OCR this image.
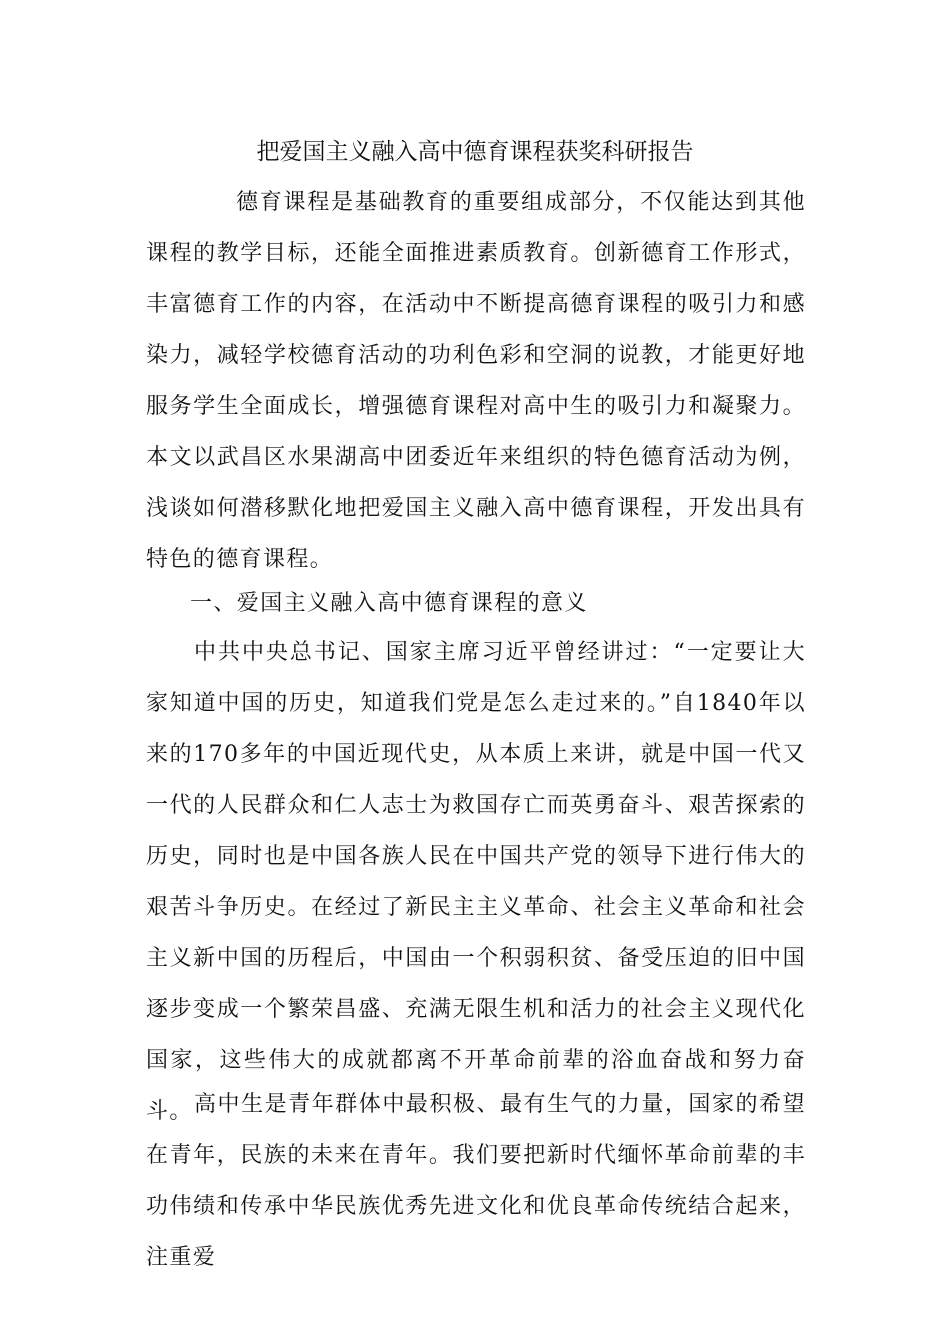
把爱国主义融入高中德育课程获奖科研报告

德育课程是基础教育的重要组成部分，不仅能达到其他课程的教学目标，还能全面推进素质教育。创新德育工作形式，丰富德育工作的内容，在活动中不断提高德育课程的吸引力和感染力，减轻学校德育活动的功利色彩和空洞的说教，才能更好地服务学生全面成长，增强德育课程对高中生的吸引力和凝聚力。本文以武昌区水果湖高中团委近年来组织的特色德育活动为例，浅谈如何潜移默化地把爱国主义融入高中德育课程，开发出具有特色的德育课程。

一、爱国主义融入高中德育课程的意义

中共中央总书记、国家主席习近平曾经讲过：“一定要让大家知道中国的历史，知道我们党是怎么走过来的。”自1840年以来的170多年的中国近现代史，从本质上来讲，就是中国一代又一代的人民群众和仁人志士为救国存亡而英勇奋斗、艰苦探索的历史，同时也是中国各族人民在中国共产党的领导下进行伟大的艰苦斗争历史。在经过了新民主主义革命、社会主义革命和社会主义新中国的历程后，中国由一个积弱积贫、备受压迫的旧中国逐步变成一个繁荣昌盛、充满无限生机和活力的社会主义现代化国家，这些伟大的成就都离不开革命前辈的浴血奋战和努力奋斗。 高中生是青年群体中最积极、最有生气的力量，国家的希望在青年，民族的未来在青年。我们要把新时代缅怀革命前辈的丰功伟绩和传承中华民族优秀先进文化和优良革命传统结合起来，注重爱
